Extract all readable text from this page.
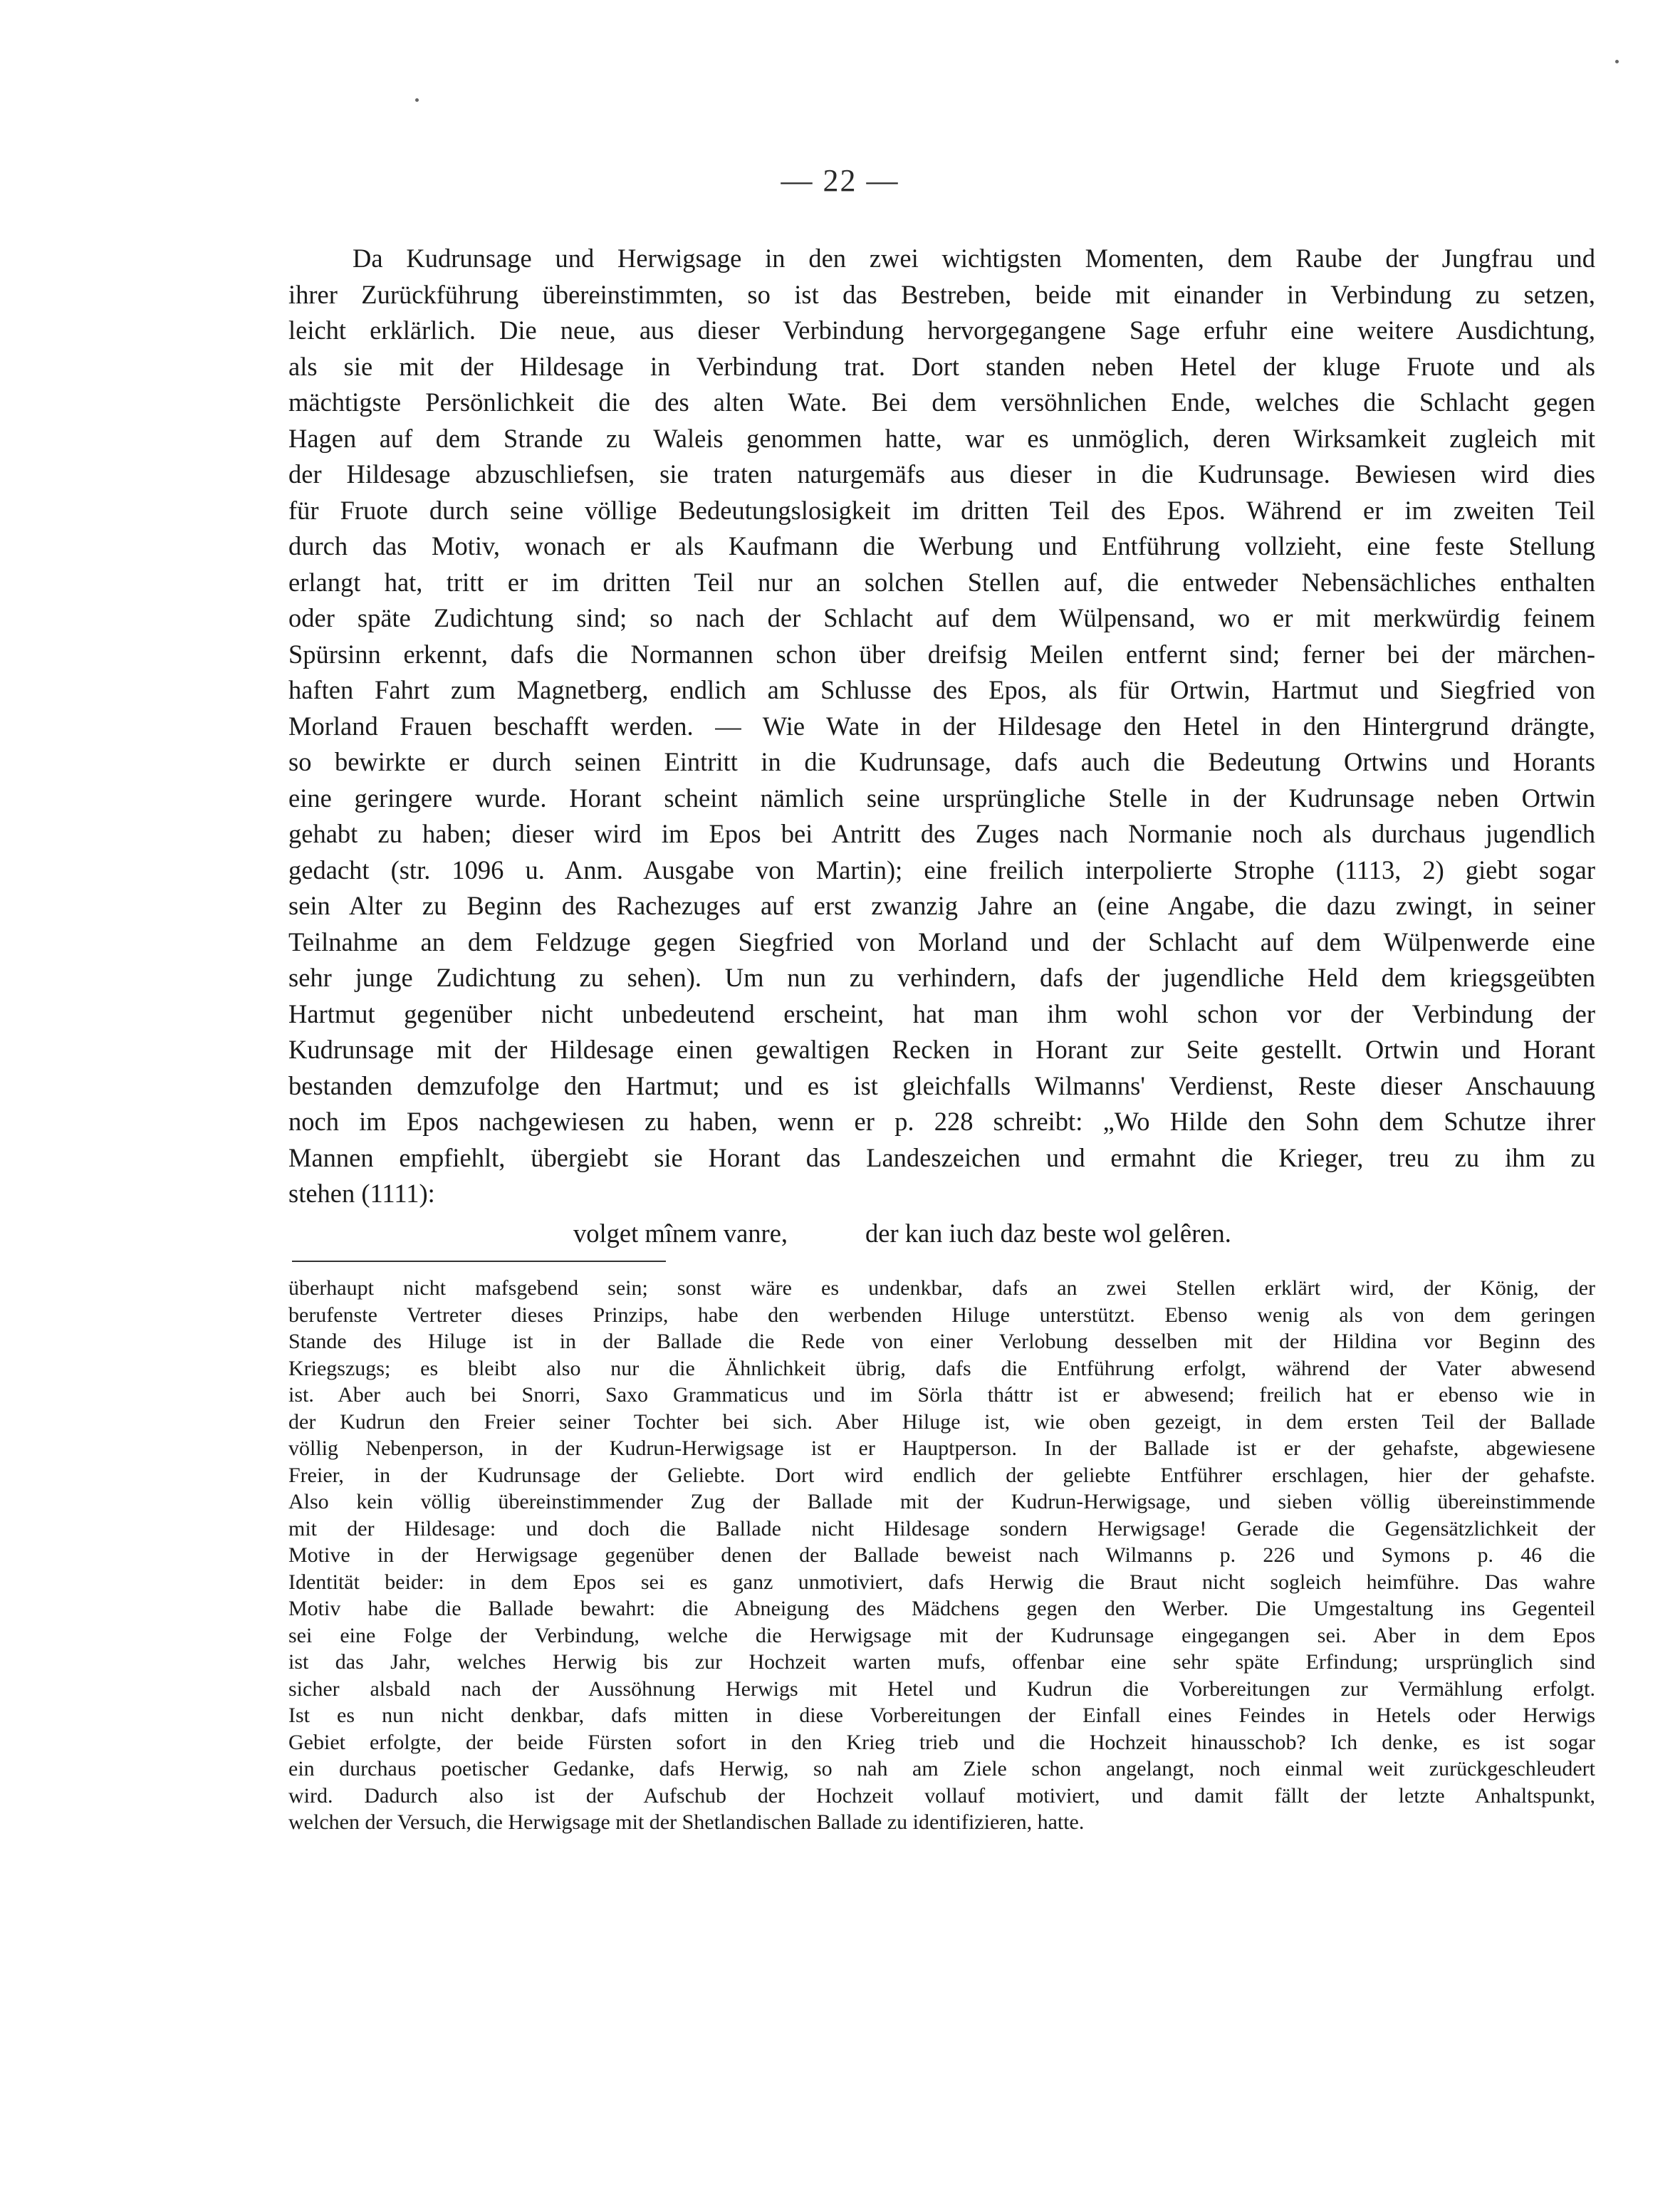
— 22 —
Da Kudrunsage und Herwigsage in den zwei wichtigsten Momenten, dem Raube der Jungfrau und
ihrer Zurückführung übereinstimmten, so ist das Bestreben, beide mit einander in Verbindung zu setzen,
leicht erklärlich. Die neue, aus dieser Verbindung hervorgegangene Sage erfuhr eine weitere Ausdichtung,
als sie mit der Hildesage in Verbindung trat. Dort standen neben Hetel der kluge Fruote und als
mächtigste Persönlichkeit die des alten Wate. Bei dem versöhnlichen Ende, welches die Schlacht gegen
Hagen auf dem Strande zu Waleis genommen hatte, war es unmöglich, deren Wirksamkeit zugleich mit
der Hildesage abzuschliefsen, sie traten naturgemäfs aus dieser in die Kudrunsage. Bewiesen wird dies
für Fruote durch seine völlige Bedeutungslosigkeit im dritten Teil des Epos. Während er im zweiten Teil
durch das Motiv, wonach er als Kaufmann die Werbung und Entführung vollzieht, eine feste Stellung
erlangt hat, tritt er im dritten Teil nur an solchen Stellen auf, die entweder Nebensächliches enthalten
oder späte Zudichtung sind; so nach der Schlacht auf dem Wülpensand, wo er mit merkwürdig feinem
Spürsinn erkennt, dafs die Normannen schon über dreifsig Meilen entfernt sind; ferner bei der märchen-
haften Fahrt zum Magnetberg, endlich am Schlusse des Epos, als für Ortwin, Hartmut und Siegfried von
Morland Frauen beschafft werden. — Wie Wate in der Hildesage den Hetel in den Hintergrund drängte,
so bewirkte er durch seinen Eintritt in die Kudrunsage, dafs auch die Bedeutung Ortwins und Horants
eine geringere wurde. Horant scheint nämlich seine ursprüngliche Stelle in der Kudrunsage neben Ortwin
gehabt zu haben; dieser wird im Epos bei Antritt des Zuges nach Normanie noch als durchaus jugendlich
gedacht (str. 1096 u. Anm. Ausgabe von Martin); eine freilich interpolierte Strophe (1113, 2) giebt sogar
sein Alter zu Beginn des Rachezuges auf erst zwanzig Jahre an (eine Angabe, die dazu zwingt, in seiner
Teilnahme an dem Feldzuge gegen Siegfried von Morland und der Schlacht auf dem Wülpenwerde eine
sehr junge Zudichtung zu sehen). Um nun zu verhindern, dafs der jugendliche Held dem kriegsgeübten
Hartmut gegenüber nicht unbedeutend erscheint, hat man ihm wohl schon vor der Verbindung der
Kudrunsage mit der Hildesage einen gewaltigen Recken in Horant zur Seite gestellt. Ortwin und Horant
bestanden demzufolge den Hartmut; und es ist gleichfalls Wilmanns' Verdienst, Reste dieser Anschauung
noch im Epos nachgewiesen zu haben, wenn er p. 228 schreibt: „Wo Hilde den Sohn dem Schutze ihrer
Mannen empfiehlt, übergiebt sie Horant das Landeszeichen und ermahnt die Krieger, treu zu ihm zu
stehen (1111):
volget mînem vanre,	der kan iuch daz beste wol gelêren.
überhaupt nicht mafsgebend sein; sonst wäre es undenkbar, dafs an zwei Stellen erklärt wird, der König, der
berufenste Vertreter dieses Prinzips, habe den werbenden Hiluge unterstützt. Ebenso wenig als von dem geringen
Stande des Hiluge ist in der Ballade die Rede von einer Verlobung desselben mit der Hildina vor Beginn des
Kriegszugs; es bleibt also nur die Ähnlichkeit übrig, dafs die Entführung erfolgt, während der Vater abwesend
ist. Aber auch bei Snorri, Saxo Grammaticus und im Sörla tháttr ist er abwesend; freilich hat er ebenso wie in
der Kudrun den Freier seiner Tochter bei sich. Aber Hiluge ist, wie oben gezeigt, in dem ersten Teil der Ballade
völlig Nebenperson, in der Kudrun-Herwigsage ist er Hauptperson. In der Ballade ist er der gehafste, abgewiesene
Freier, in der Kudrunsage der Geliebte. Dort wird endlich der geliebte Entführer erschlagen, hier der gehafste.
Also kein völlig übereinstimmender Zug der Ballade mit der Kudrun-Herwigsage, und sieben völlig übereinstimmende
mit der Hildesage: und doch die Ballade nicht Hildesage sondern Herwigsage! Gerade die Gegensätzlichkeit der
Motive in der Herwigsage gegenüber denen der Ballade beweist nach Wilmanns p. 226 und Symons p. 46 die
Identität beider: in dem Epos sei es ganz unmotiviert, dafs Herwig die Braut nicht sogleich heimführe. Das wahre
Motiv habe die Ballade bewahrt: die Abneigung des Mädchens gegen den Werber. Die Umgestaltung ins Gegenteil
sei eine Folge der Verbindung, welche die Herwigsage mit der Kudrunsage eingegangen sei. Aber in dem Epos
ist das Jahr, welches Herwig bis zur Hochzeit warten mufs, offenbar eine sehr späte Erfindung; ursprünglich sind
sicher alsbald nach der Aussöhnung Herwigs mit Hetel und Kudrun die Vorbereitungen zur Vermählung erfolgt.
Ist es nun nicht denkbar, dafs mitten in diese Vorbereitungen der Einfall eines Feindes in Hetels oder Herwigs
Gebiet erfolgte, der beide Fürsten sofort in den Krieg trieb und die Hochzeit hinausschob? Ich denke, es ist sogar
ein durchaus poetischer Gedanke, dafs Herwig, so nah am Ziele schon angelangt, noch einmal weit zurückgeschleudert
wird. Dadurch also ist der Aufschub der Hochzeit vollauf motiviert, und damit fällt der letzte Anhaltspunkt,
welchen der Versuch, die Herwigsage mit der Shetlandischen Ballade zu identifizieren, hatte.
